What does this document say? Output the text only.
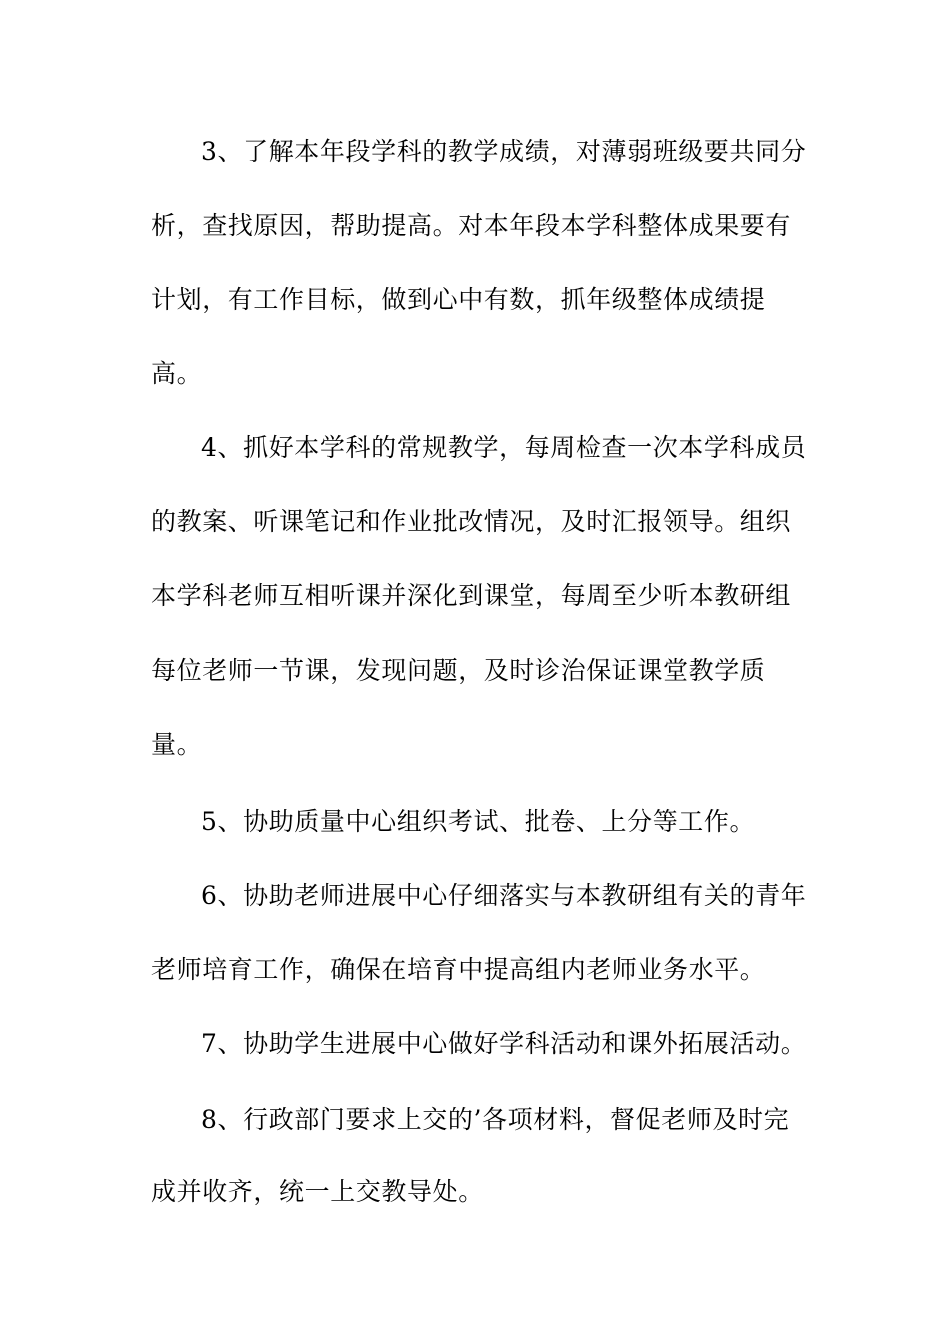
3、了解本年段学科的教学成绩，对薄弱班级要共同分
析，查找原因，帮助提高。对本年段本学科整体成果要有
计划，有工作目标，做到心中有数，抓年级整体成绩提
高。
4、抓好本学科的常规教学，每周检查一次本学科成员
的教案、听课笔记和作业批改情况，及时汇报领导。组织
本学科老师互相听课并深化到课堂，每周至少听本教研组
每位老师一节课，发现问题，及时诊治保证课堂教学质
量。
5、协助质量中心组织考试、批卷、上分等工作。
6、协助老师进展中心仔细落实与本教研组有关的青年
老师培育工作，确保在培育中提高组内老师业务水平。
7、协助学生进展中心做好学科活动和课外拓展活动。
8、行政部门要求上交的’各项材料，督促老师及时完
成并收齐，统一上交教导处。
